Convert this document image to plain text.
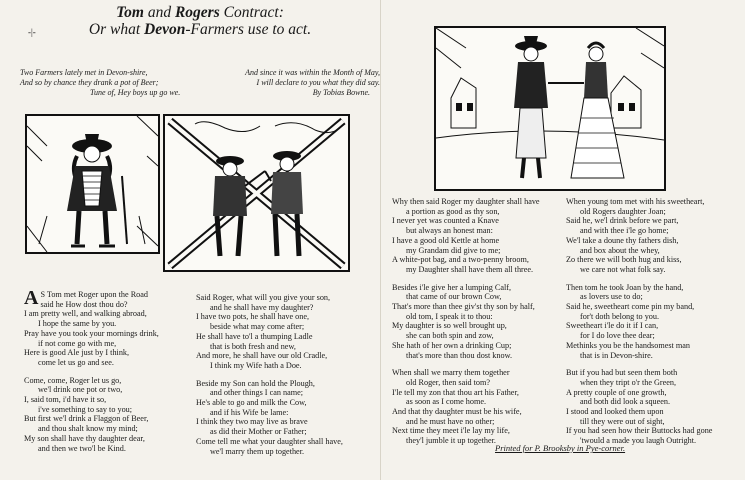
-|-
Tom and Rogers Contract:
Or what Devon-Farmers use to act.
Two Farmers lately met in Devon-shire,	And since it was within the Month of May,
And so by chance they drank a pot of Beer;	I will declare to you what they did say.
Tune of, Hey boys up go we.	By Tobias Bowne.

A S Tom met Roger upon the Road

said he How dost thou do?

I am pretty well, and walking abroad,

I hope the same by you.

Pray have you took your mornings drink,

if not come go with me,

Here is good Ale just by I think,

come let us go and see.

Come, come, Roger let us go,

we'l drink one pot or two,

I, said tom, i'd have it so,

i've something to say to you;

But first we'l drink a Flaggon of Beer,

and thou shalt know my mind;

My son shall have thy daughter dear,

and then we two'l be Kind.

Said Roger, what will you give your son,

and he shall have my daughter?

I have two pots, he shall have one,

beside what may come after;

He shall have to'l a thumping Ladle

that is both fresh and new,

And more, he shall have our old Cradle,

I think my Wife hath a Doe.

Beside my Son can hold the Plough,

and other things I can name;

He's able to go and milk the Cow,

and if his Wife be lame:

I think they two may live as brave

as did their Mother or Father;

Come tell me what your daughter shall have,

we'l marry them up together.

Why then said Roger my daughter shall have

a portion as good as thy son,

I never yet was counted a Knave

but always an honest man:

I have a good old Kettle at home

my Grandam did give to me;

A white-pot bag, and a two-penny broom,

my Daughter shall have them all three.

Besides i'le give her a lumping Calf,

that came of our brown Cow,

That's more than thee giv'st thy son by half,

old tom, I speak it to thou:

My daughter is so well brought up,

she can both spin and zow,

She hath of her own a drinking Cup;

that's more than thou dost know.

When shall we marry them together

old Roger, then said tom?

I'le tell my zon that thou art his Father,

as soon as I come home.

And that thy daughter must be his wife,

and he must have no other;

Next time they meet i'le lay my life,

they'l jumble it up together.

When young tom met with his sweetheart,

old Rogers daughter Joan;

Said he, we'l drink before we part,

and with thee i'le go home;

We'l take a doune thy fathers dish,

and box about the whey,

Zo there we will both hug and kiss,

we care not what folk say.

Then tom he took Joan by the hand,

as lovers use to do;

Said he, sweetheart come pin my band,

for't doth belong to you.

Sweetheart i'le do it if I can,

for I do love thee dear;

Methinks you be the handsomest man

that is in Devon-shire.

But if you had but seen them both

when they tript o'r the Green,

A pretty couple of one growth,

and both did look a squeen.

I stood and looked them upon

till they were out of sight,

If you had seen how their Buttocks had gone

'twould a made you laugh Outright.

Printed for P. Brooksby in Pye-corner.
